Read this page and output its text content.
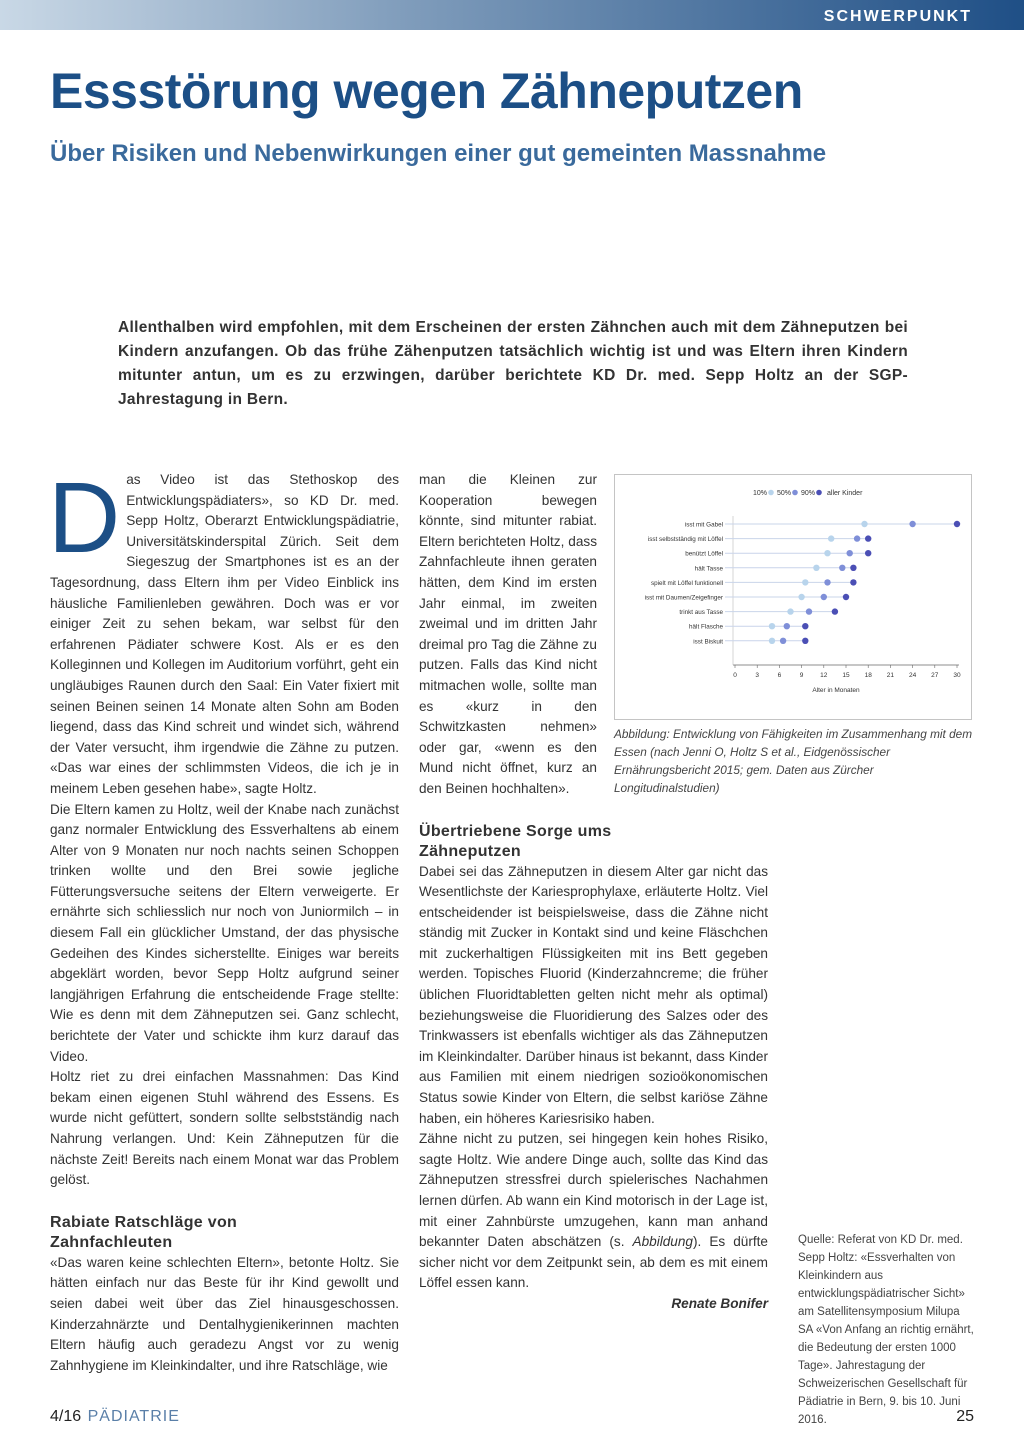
SCHWERPUNKT
Essstörung wegen Zähneputzen
Über Risiken und Nebenwirkungen einer gut gemeinten Massnahme
Allenthalben wird empfohlen, mit dem Erscheinen der ersten Zähnchen auch mit dem Zähneputzen bei Kindern anzufangen. Ob das frühe Zähenputzen tatsächlich wichtig ist und was Eltern ihren Kindern mitunter antun, um es zu erzwingen, darüber berichtete KD Dr. med. Sepp Holtz an der SGP-Jahrestagung in Bern.

Das Video ist das Stethoskop des Entwicklungspädiaters», so KD Dr. med. Sepp Holtz, Oberarzt Entwicklungspädiatrie, Universitätskinderspital Zürich. Seit dem Siegeszug der Smartphones ist es an der Tagesordnung, dass Eltern ihm per Video Einblick ins häusliche Familienleben gewähren. Doch was er vor einiger Zeit zu sehen bekam, war selbst für den erfahrenen Pädiater schwere Kost. Als er es den Kolleginnen und Kollegen im Auditorium vorführt, geht ein ungläubiges Raunen durch den Saal: Ein Vater fixiert mit seinen Beinen seinen 14 Monate alten Sohn am Boden liegend, dass das Kind schreit und windet sich, während der Vater versucht, ihm irgendwie die Zähne zu putzen. «Das war eines der schlimmsten Videos, die ich je in meinem Leben gesehen habe», sagte Holtz.

Die Eltern kamen zu Holtz, weil der Knabe nach zunächst ganz normaler Entwicklung des Essverhaltens ab einem Alter von 9 Monaten nur noch nachts seinen Schoppen trinken wollte und den Brei sowie jegliche Fütterungsversuche seitens der Eltern verweigerte. Er ernährte sich schliesslich nur noch von Juniormilch – in diesem Fall ein glücklicher Umstand, der das physische Gedeihen des Kindes sicherstellte. Einiges war bereits abgeklärt worden, bevor Sepp Holtz aufgrund seiner langjährigen Erfahrung die entscheidende Frage stellte: Wie es denn mit dem Zähneputzen sei. Ganz schlecht, berichtete der Vater und schickte ihm kurz darauf das Video.

Holtz riet zu drei einfachen Massnahmen: Das Kind bekam einen eigenen Stuhl während des Essens. Es wurde nicht gefüttert, sondern sollte selbstständig nach Nahrung verlangen. Und: Kein Zähneputzen für die nächste Zeit! Bereits nach einem Monat war das Problem gelöst.

Rabiate Ratschläge von Zahnfachleuten

«Das waren keine schlechten Eltern», betonte Holtz. Sie hätten einfach nur das Beste für ihr Kind gewollt und seien dabei weit über das Ziel hinausgeschossen. Kinderzahnärzte und Dentalhygienikerinnen machten Eltern häufig auch geradezu Angst vor zu wenig Zahnhygiene im Kleinkindalter, und ihre Ratschläge, wie

man die Kleinen zur Kooperation bewegen könnte, sind mitunter rabiat. Eltern berichteten Holtz, dass Zahnfachleute ihnen geraten hätten, dem Kind im ersten Jahr einmal, im zweiten zweimal und im dritten Jahr dreimal pro Tag die Zähne zu putzen. Falls das Kind nicht mitmachen wolle, sollte man es «kurz in den Schwitzkasten nehmen» oder gar, «wenn es den Mund nicht öffnet, kurz an den Beinen hochhalten».

Übertriebene Sorge ums Zähneputzen

Dabei sei das Zähneputzen in diesem Alter gar nicht das Wesentlichste der Kariesprophylaxe, erläuterte Holtz. Viel entscheidender ist beispielsweise, dass die Zähne nicht ständig mit Zucker in Kontakt sind und keine Fläschchen mit zuckerhaltigen Flüssigkeiten mit ins Bett gegeben werden. Topisches Fluorid (Kinderzahncreme; die früher üblichen Fluoridtabletten gelten nicht mehr als optimal) beziehungsweise die Fluoridierung des Salzes oder des Trinkwassers ist ebenfalls wichtiger als das Zähneputzen im Kleinkindalter. Darüber hinaus ist bekannt, dass Kinder aus Familien mit einem niedrigen sozioökonomischen Status sowie Kinder von Eltern, die selbst kariöse Zähne haben, ein höheres Kariesrisiko haben.

Zähne nicht zu putzen, sei hingegen kein hohes Risiko, sagte Holtz. Wie andere Dinge auch, sollte das Kind das Zähneputzen stressfrei durch spielerisches Nachahmen lernen dürfen. Ab wann ein Kind motorisch in der Lage ist, mit einer Zahnbürste umzugehen, kann man anhand bekannter Daten abschätzen (s. Abbildung). Es dürfte sicher nicht vor dem Zeitpunkt sein, ab dem es mit einem Löffel essen kann.

Renate Bonifer

10% 50% 90% aller Kinder
0	3	6	9	12 15 18 21 24 27 30
Alter in Monaten
isst mit Gabel
isst selbstständig mit Löffel
benützt Löffel
hält Tasse
spielt mit Löffel funktionell
isst mit Daumen/Zeigefinger
trinkt aus Tasse
hält Flasche
isst Biskuit
Abbildung: Entwicklung von Fähigkeiten im Zusammenhang mit dem Essen (nach Jenni O, Holtz S et al., Eidgenössischer Ernährungsbericht 2015; gem. Daten aus Zürcher Longitudinalstudien)
Quelle: Referat von KD Dr. med. Sepp Holtz: «Essverhalten von Kleinkindern aus entwicklungspädiatrischer Sicht» am Satellitensymposium Milupa SA «Von Anfang an richtig ernährt, die Bedeutung der ersten 1000 Tage». Jahrestagung der Schweizerischen Gesellschaft für Pädiatrie in Bern, 9. bis 10. Juni 2016.
4/16 PÄDIATRIE	25
